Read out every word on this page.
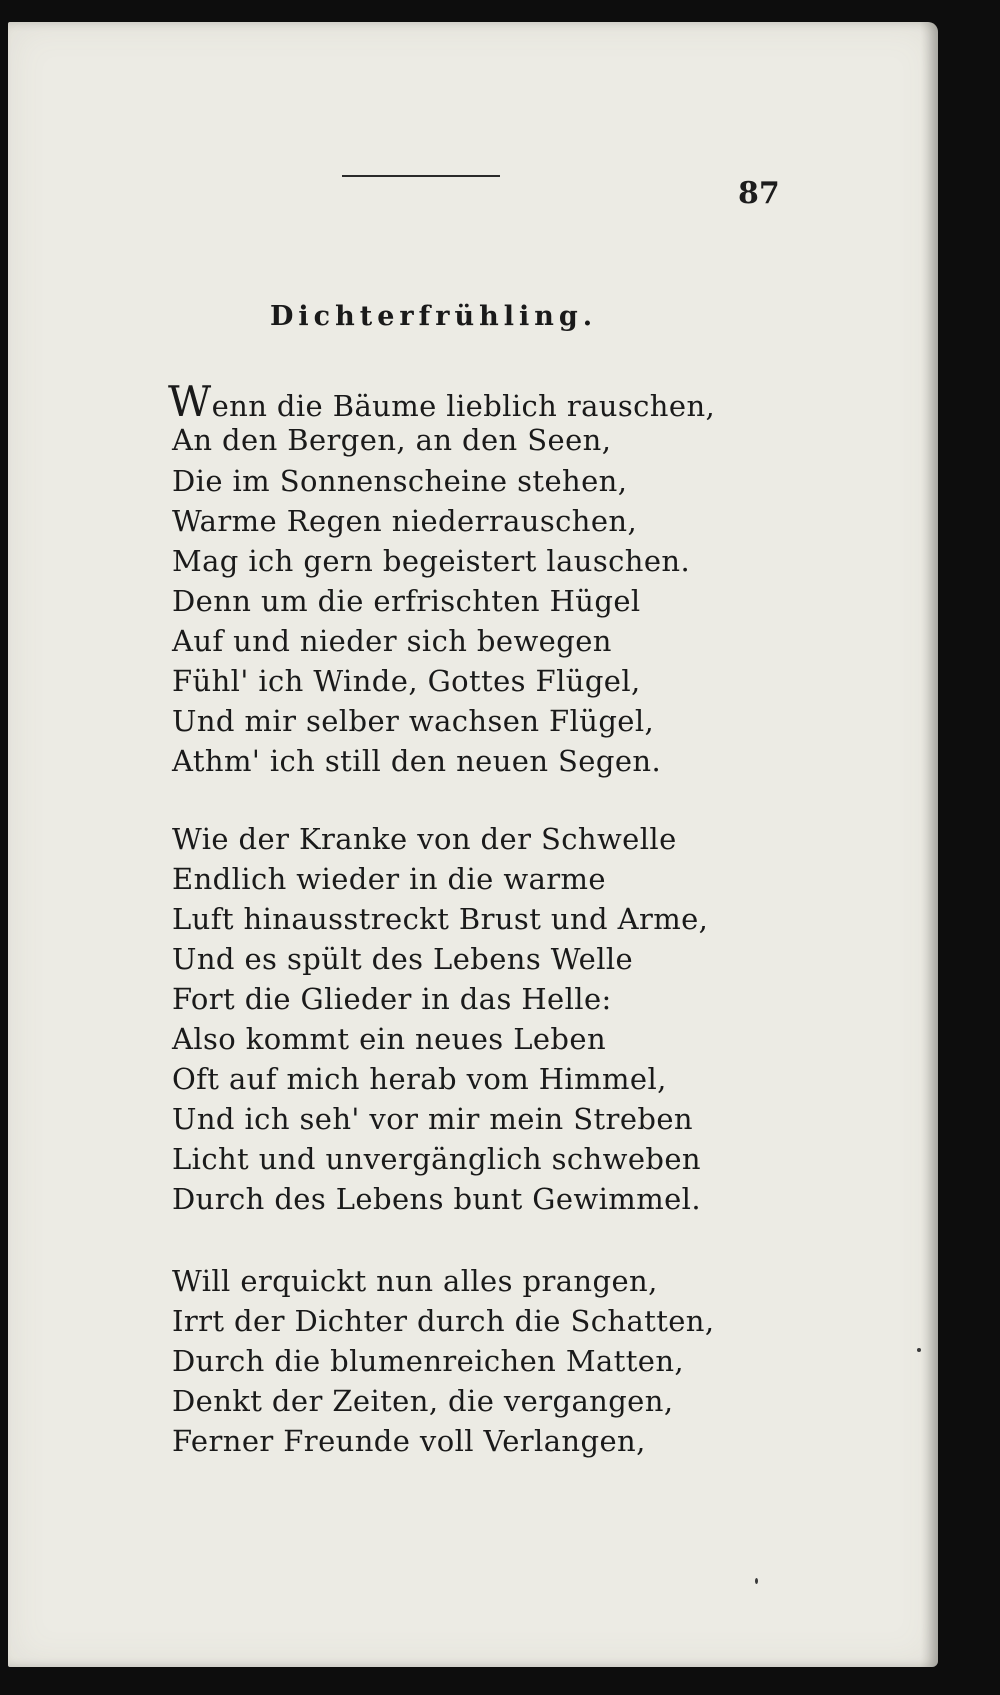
87
Dichterfrühling.
Wenn die Bäume lieblich rauschen,
An den Bergen, an den Seen,
Die im Sonnenscheine stehen,
Warme Regen niederrauschen,
Mag ich gern begeistert lauschen.
Denn um die erfrischten Hügel
Auf und nieder sich bewegen
Fühl' ich Winde, Gottes Flügel,
Und mir selber wachsen Flügel,
Athm' ich still den neuen Segen.
Wie der Kranke von der Schwelle
Endlich wieder in die warme
Luft hinausstreckt Brust und Arme,
Und es spült des Lebens Welle
Fort die Glieder in das Helle:
Also kommt ein neues Leben
Oft auf mich herab vom Himmel,
Und ich seh' vor mir mein Streben
Licht und unvergänglich schweben
Durch des Lebens bunt Gewimmel.
Will erquickt nun alles prangen,
Irrt der Dichter durch die Schatten,
Durch die blumenreichen Matten,
Denkt der Zeiten, die vergangen,
Ferner Freunde voll Verlangen,
